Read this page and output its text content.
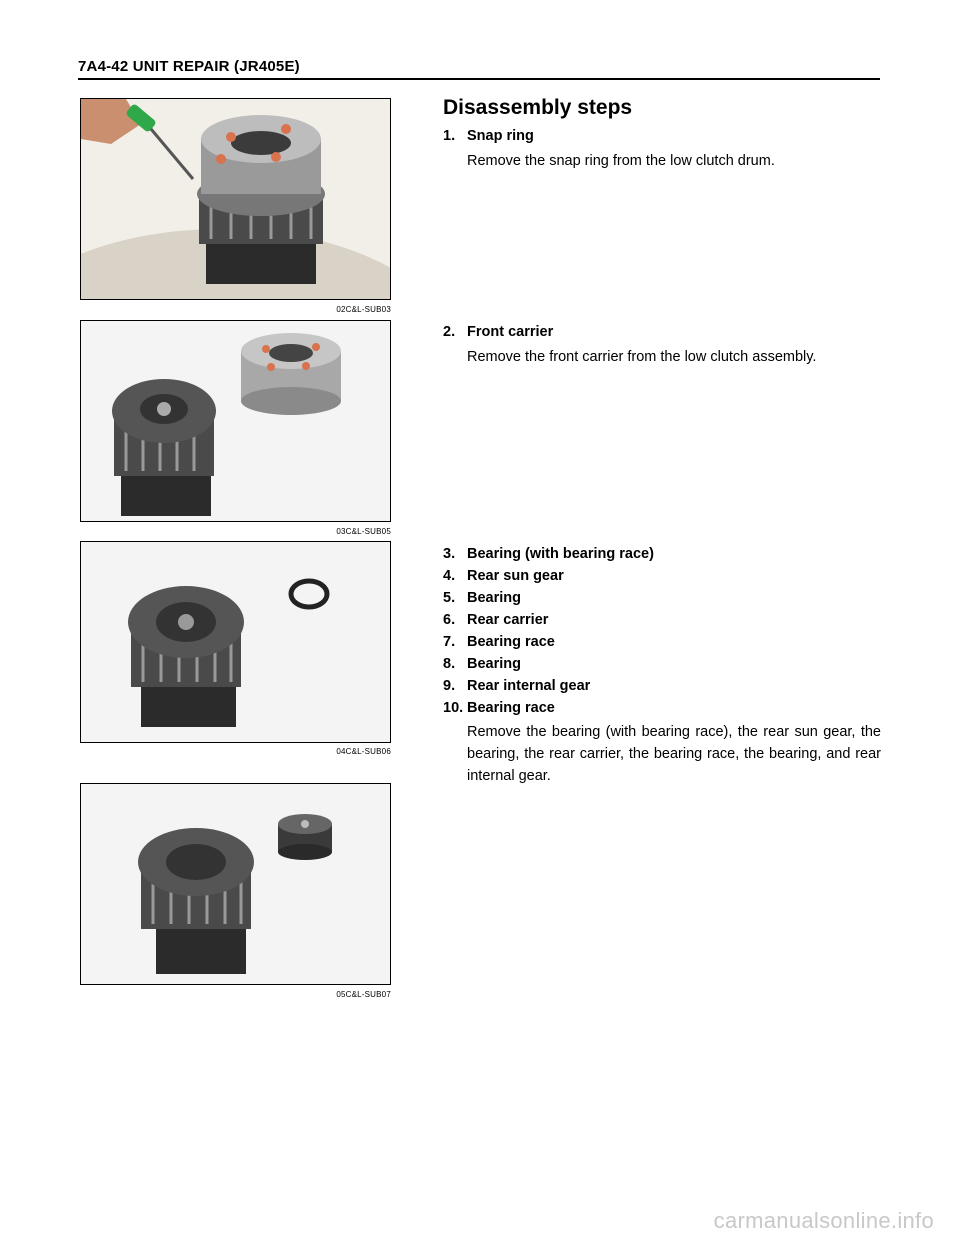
7A4-42 UNIT REPAIR (JR405E)
02C&L-SUB03
03C&L-SUB05
04C&L-SUB06
05C&L-SUB07
Disassembly steps
1. Snap ring
Remove the snap ring from the low clutch drum.
2. Front carrier
Remove the front carrier from the low clutch assembly.
3. Bearing (with bearing race)
4. Rear sun gear
5. Bearing
6. Rear carrier
7. Bearing race
8. Bearing
9. Rear internal gear
10. Bearing race
Remove the bearing (with bearing race), the rear sun gear, the bearing, the rear carrier, the bearing race, the bearing, and rear internal gear.
carmanualsonline.info
